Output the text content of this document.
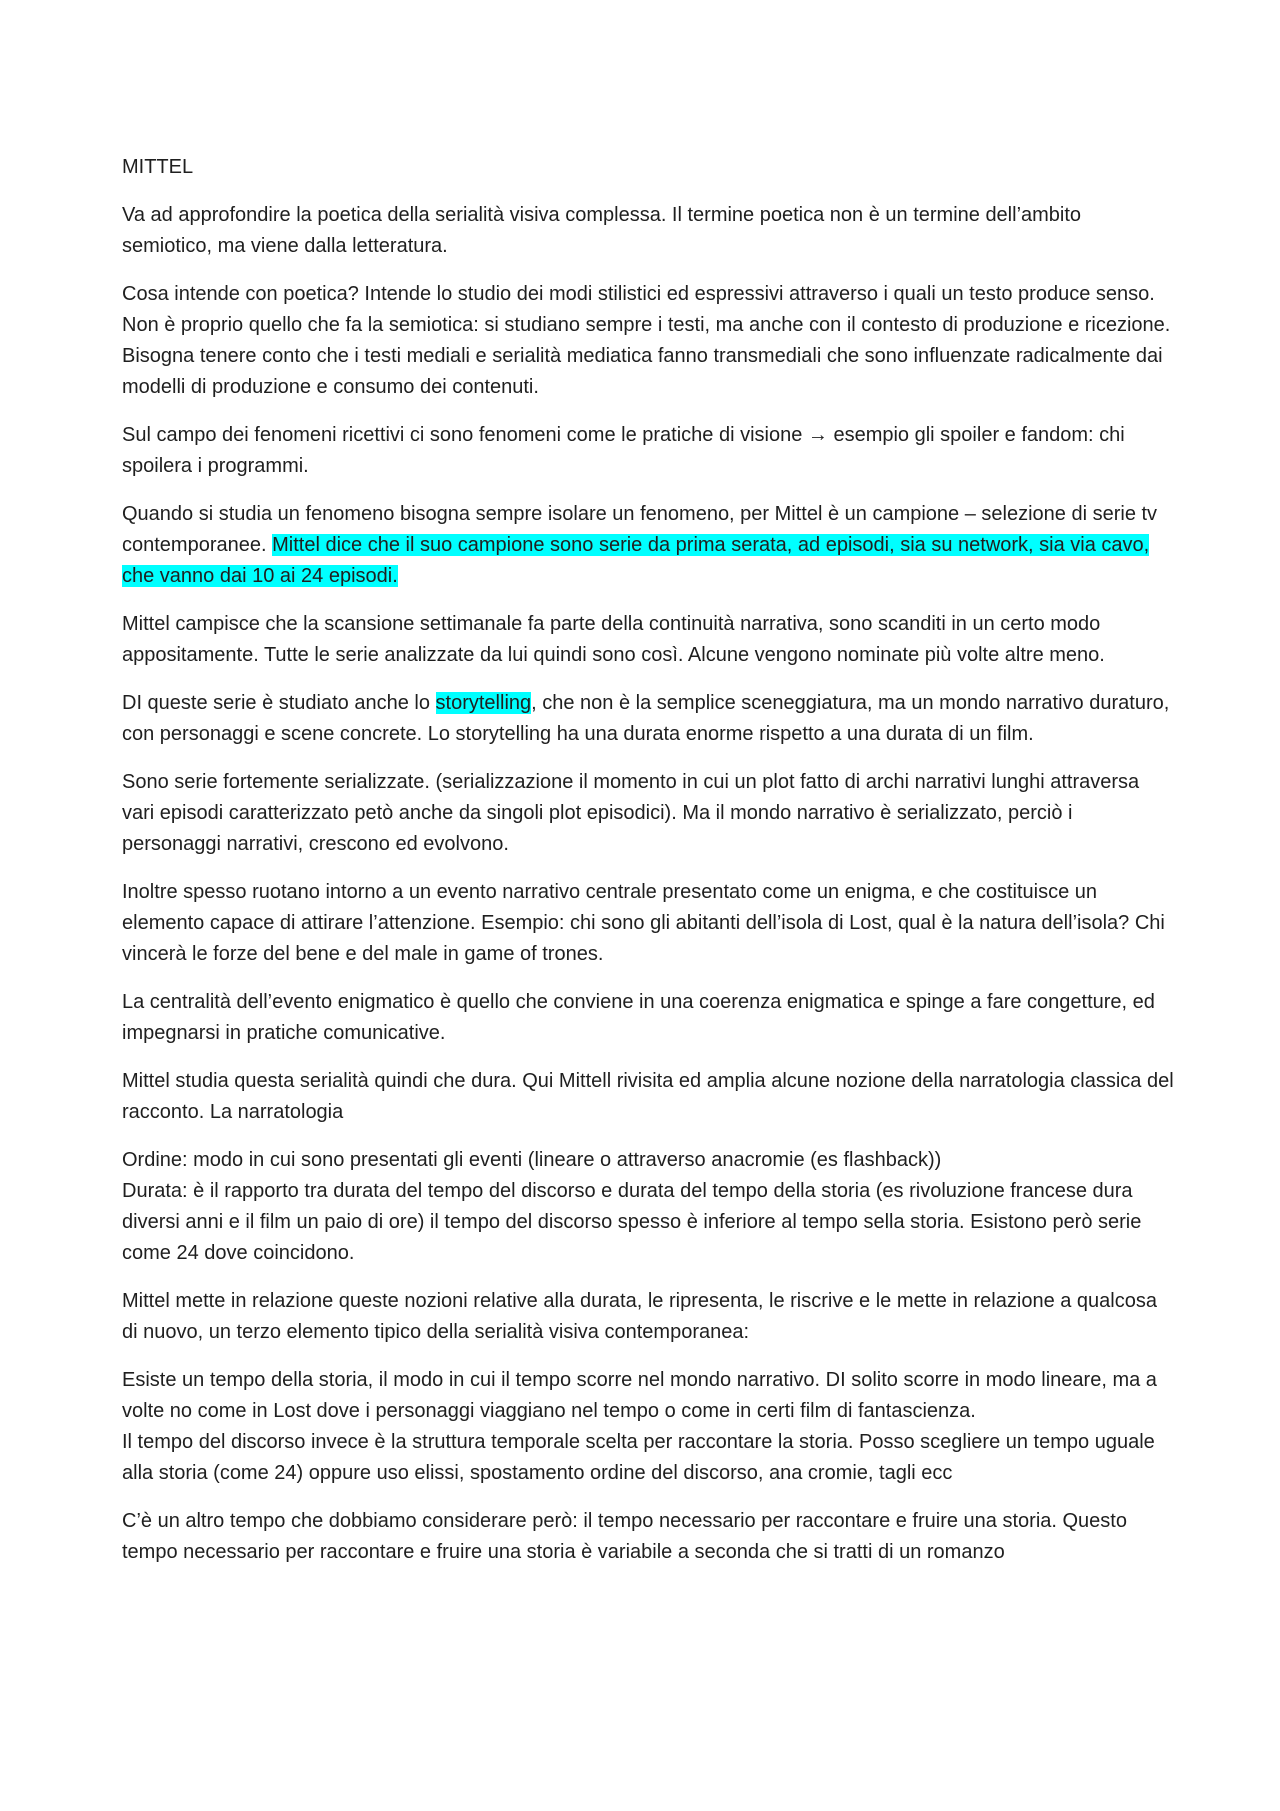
MITTEL

Va ad approfondire la poetica della serialità visiva complessa. Il termine poetica non è un termine dell’ambito semiotico, ma viene dalla letteratura.

Cosa intende con poetica? Intende lo studio dei modi stilistici ed espressivi attraverso i quali un testo produce senso. Non è proprio quello che fa la semiotica: si studiano sempre i testi, ma anche con il contesto di produzione e ricezione. Bisogna tenere conto che i testi mediali e serialità mediatica fanno transmediali che sono influenzate radicalmente dai modelli di produzione e consumo dei contenuti.

Sul campo dei fenomeni ricettivi ci sono fenomeni come le pratiche di visione → esempio gli spoiler e fandom: chi spoilera i programmi.

Quando si studia un fenomeno bisogna sempre isolare un fenomeno, per Mittel è un campione – selezione di serie tv contemporanee. Mittel dice che il suo campione sono serie da prima serata, ad episodi, sia su network, sia via cavo, che vanno dai 10 ai 24 episodi.

Mittel campisce che la scansione settimanale fa parte della continuità narrativa, sono scanditi in un certo modo appositamente. Tutte le serie analizzate da lui quindi sono così. Alcune vengono nominate più volte altre meno.

DI queste serie è studiato anche lo storytelling, che non è la semplice sceneggiatura, ma un mondo narrativo duraturo, con personaggi e scene concrete. Lo storytelling ha una durata enorme rispetto a una durata di un film.

Sono serie fortemente serializzate. (serializzazione il momento in cui un plot fatto di archi narrativi lunghi attraversa vari episodi caratterizzato petò anche da singoli plot episodici). Ma il mondo narrativo è serializzato, perciò i personaggi narrativi, crescono ed evolvono.

Inoltre spesso ruotano intorno a un evento narrativo centrale presentato come un enigma, e che costituisce un elemento capace di attirare l’attenzione. Esempio: chi sono gli abitanti dell’isola di Lost, qual è la natura dell’isola? Chi vincerà le forze del bene e del male in game of trones.

La centralità dell’evento enigmatico è quello che conviene in una coerenza enigmatica e spinge a fare congetture, ed impegnarsi in pratiche comunicative.

Mittel studia questa serialità quindi che dura. Qui Mittell rivisita ed amplia alcune nozione della narratologia classica del racconto. La narratologia

Ordine: modo in cui sono presentati gli eventi (lineare o attraverso anacromie (es flashback))
Durata: è il rapporto tra durata del tempo del discorso e durata del tempo della storia (es rivoluzione francese dura diversi anni e il film un paio di ore) il tempo del discorso spesso è inferiore al tempo sella storia. Esistono però serie come 24 dove coincidono.

Mittel mette in relazione queste nozioni relative alla durata, le ripresenta, le riscrive e le mette in relazione a qualcosa di nuovo, un terzo elemento tipico della serialità visiva contemporanea:

Esiste un tempo della storia, il modo in cui il tempo scorre nel mondo narrativo. DI solito scorre in modo lineare, ma a volte no come in Lost dove i personaggi viaggiano nel tempo o come in certi film di fantascienza.
Il tempo del discorso invece è la struttura temporale scelta per raccontare la storia. Posso scegliere un tempo uguale alla storia (come 24) oppure uso elissi, spostamento ordine del discorso, ana cromie, tagli ecc

C’è un altro tempo che dobbiamo considerare però: il tempo necessario per raccontare e fruire una storia. Questo tempo necessario per raccontare e fruire una storia è variabile a seconda che si tratti di un romanzo
